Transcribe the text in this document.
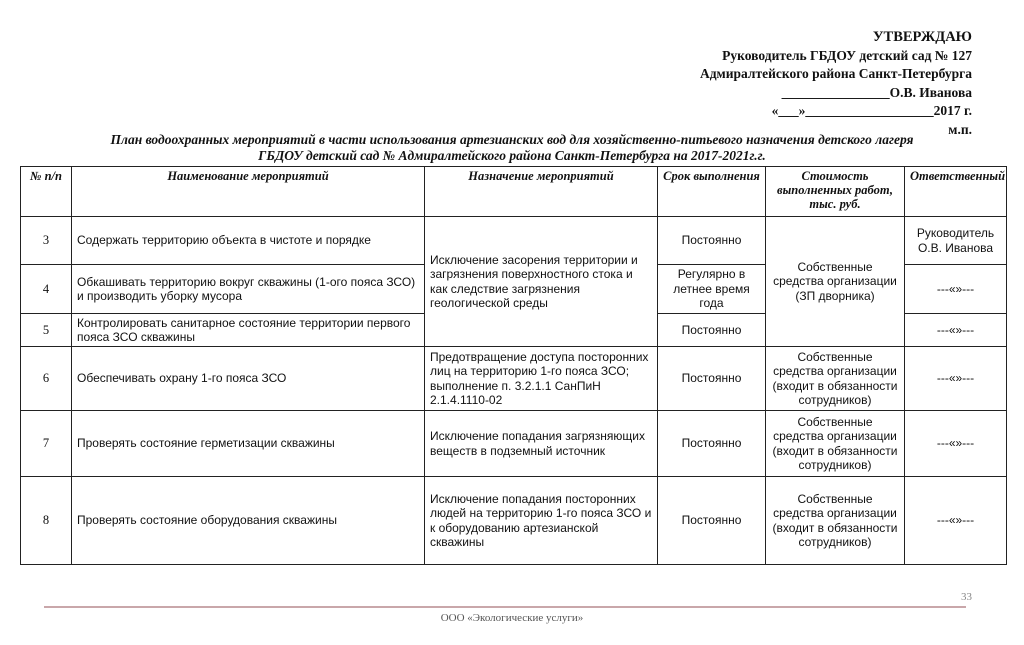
УТВЕРЖДАЮ
Руководитель ГБДОУ детский сад № 127
Адмиралтейского района Санкт-Петербурга
________________О.В. Иванова
«___»___________________2017 г.
м.п.
План водоохранных мероприятий в части использования артезианских вод для хозяйственно-питьевого назначения детского лагеря
ГБДОУ детский сад № Адмиралтейского района Санкт-Петербурга на 2017-2021г.г.
№ п/п	Наименование мероприятий	Назначение мероприятий	Срок выполнения	Стоимость выполненных работ, тыс. руб.	Ответственный
3	Содержать территорию объекта в чистоте и порядке	Исключение засорения территории и загрязнения поверхностного стока и как следствие загрязнения геологической среды	Постоянно	Собственные средства организации (ЗП дворника)	Руководитель О.В. Иванова
4	Обкашивать территорию вокруг скважины (1-ого пояса ЗСО) и производить уборку мусора		Регулярно в летнее время года		---«»---
5	Контролировать санитарное состояние территории первого пояса ЗСО скважины		Постоянно		---«»---
6	Обеспечивать охрану 1-го пояса ЗСО	Предотвращение доступа посторонних лиц на территорию 1-го пояса ЗСО; выполнение п. 3.2.1.1 СанПиН 2.1.4.1110-02	Постоянно	Собственные средства организации (входит в обязанности сотрудников)	---«»---
7	Проверять состояние герметизации скважины	Исключение попадания загрязняющих веществ в подземный источник	Постоянно	Собственные средства организации (входит в обязанности сотрудников)	---«»---
8	Проверять состояние оборудования скважины	Исключение попадания посторонних людей на территорию 1-го пояса ЗСО и к оборудованию артезианской скважины	Постоянно	Собственные средства организации (входит в обязанности сотрудников)	---«»---
33
ООО «Экологические услуги»
